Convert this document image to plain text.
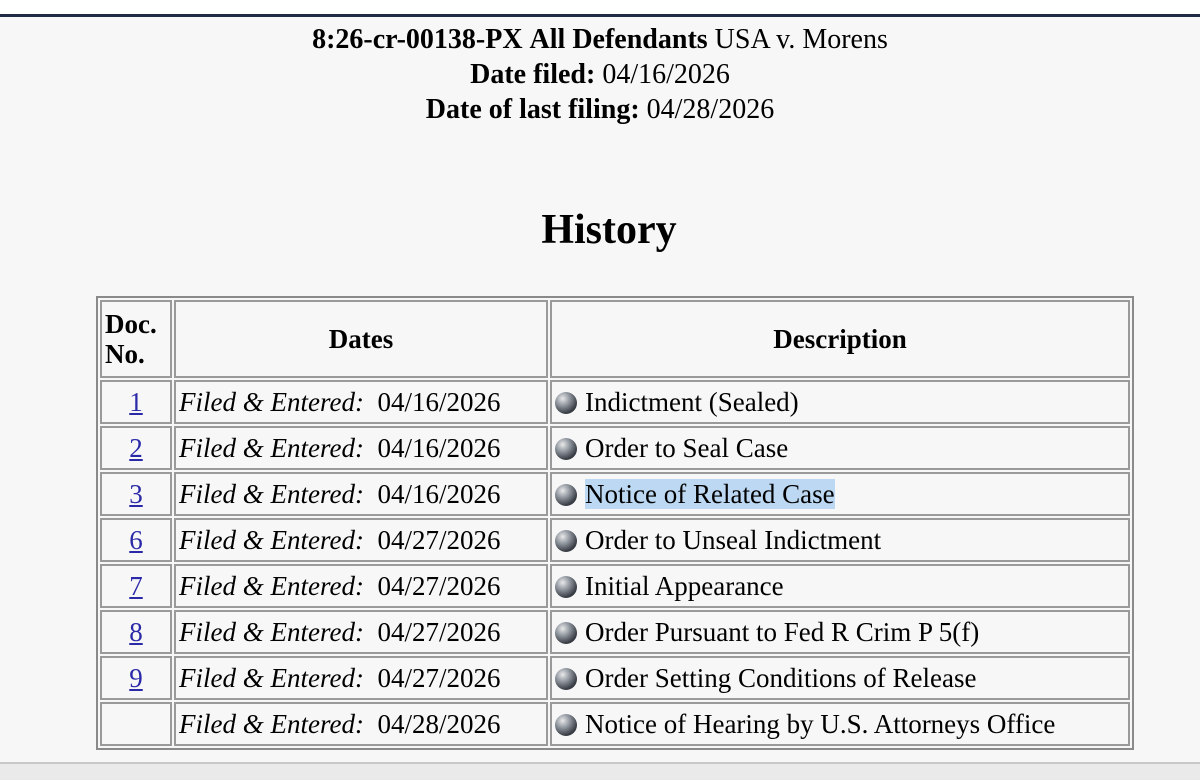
8:26-cr-00138-PX All Defendants USA v. Morens
Date filed: 04/16/2026
Date of last filing: 04/28/2026
History
Doc.
No.	Dates	Description
1	Filed & Entered: 04/16/2026	Indictment (Sealed)
2	Filed & Entered: 04/16/2026	Order to Seal Case
3	Filed & Entered: 04/16/2026	Notice of Related Case
6	Filed & Entered: 04/27/2026	Order to Unseal Indictment
7	Filed & Entered: 04/27/2026	Initial Appearance
8	Filed & Entered: 04/27/2026	Order Pursuant to Fed R Crim P 5(f)
9	Filed & Entered: 04/27/2026	Order Setting Conditions of Release
	Filed & Entered: 04/28/2026	Notice of Hearing by U.S. Attorneys Office
